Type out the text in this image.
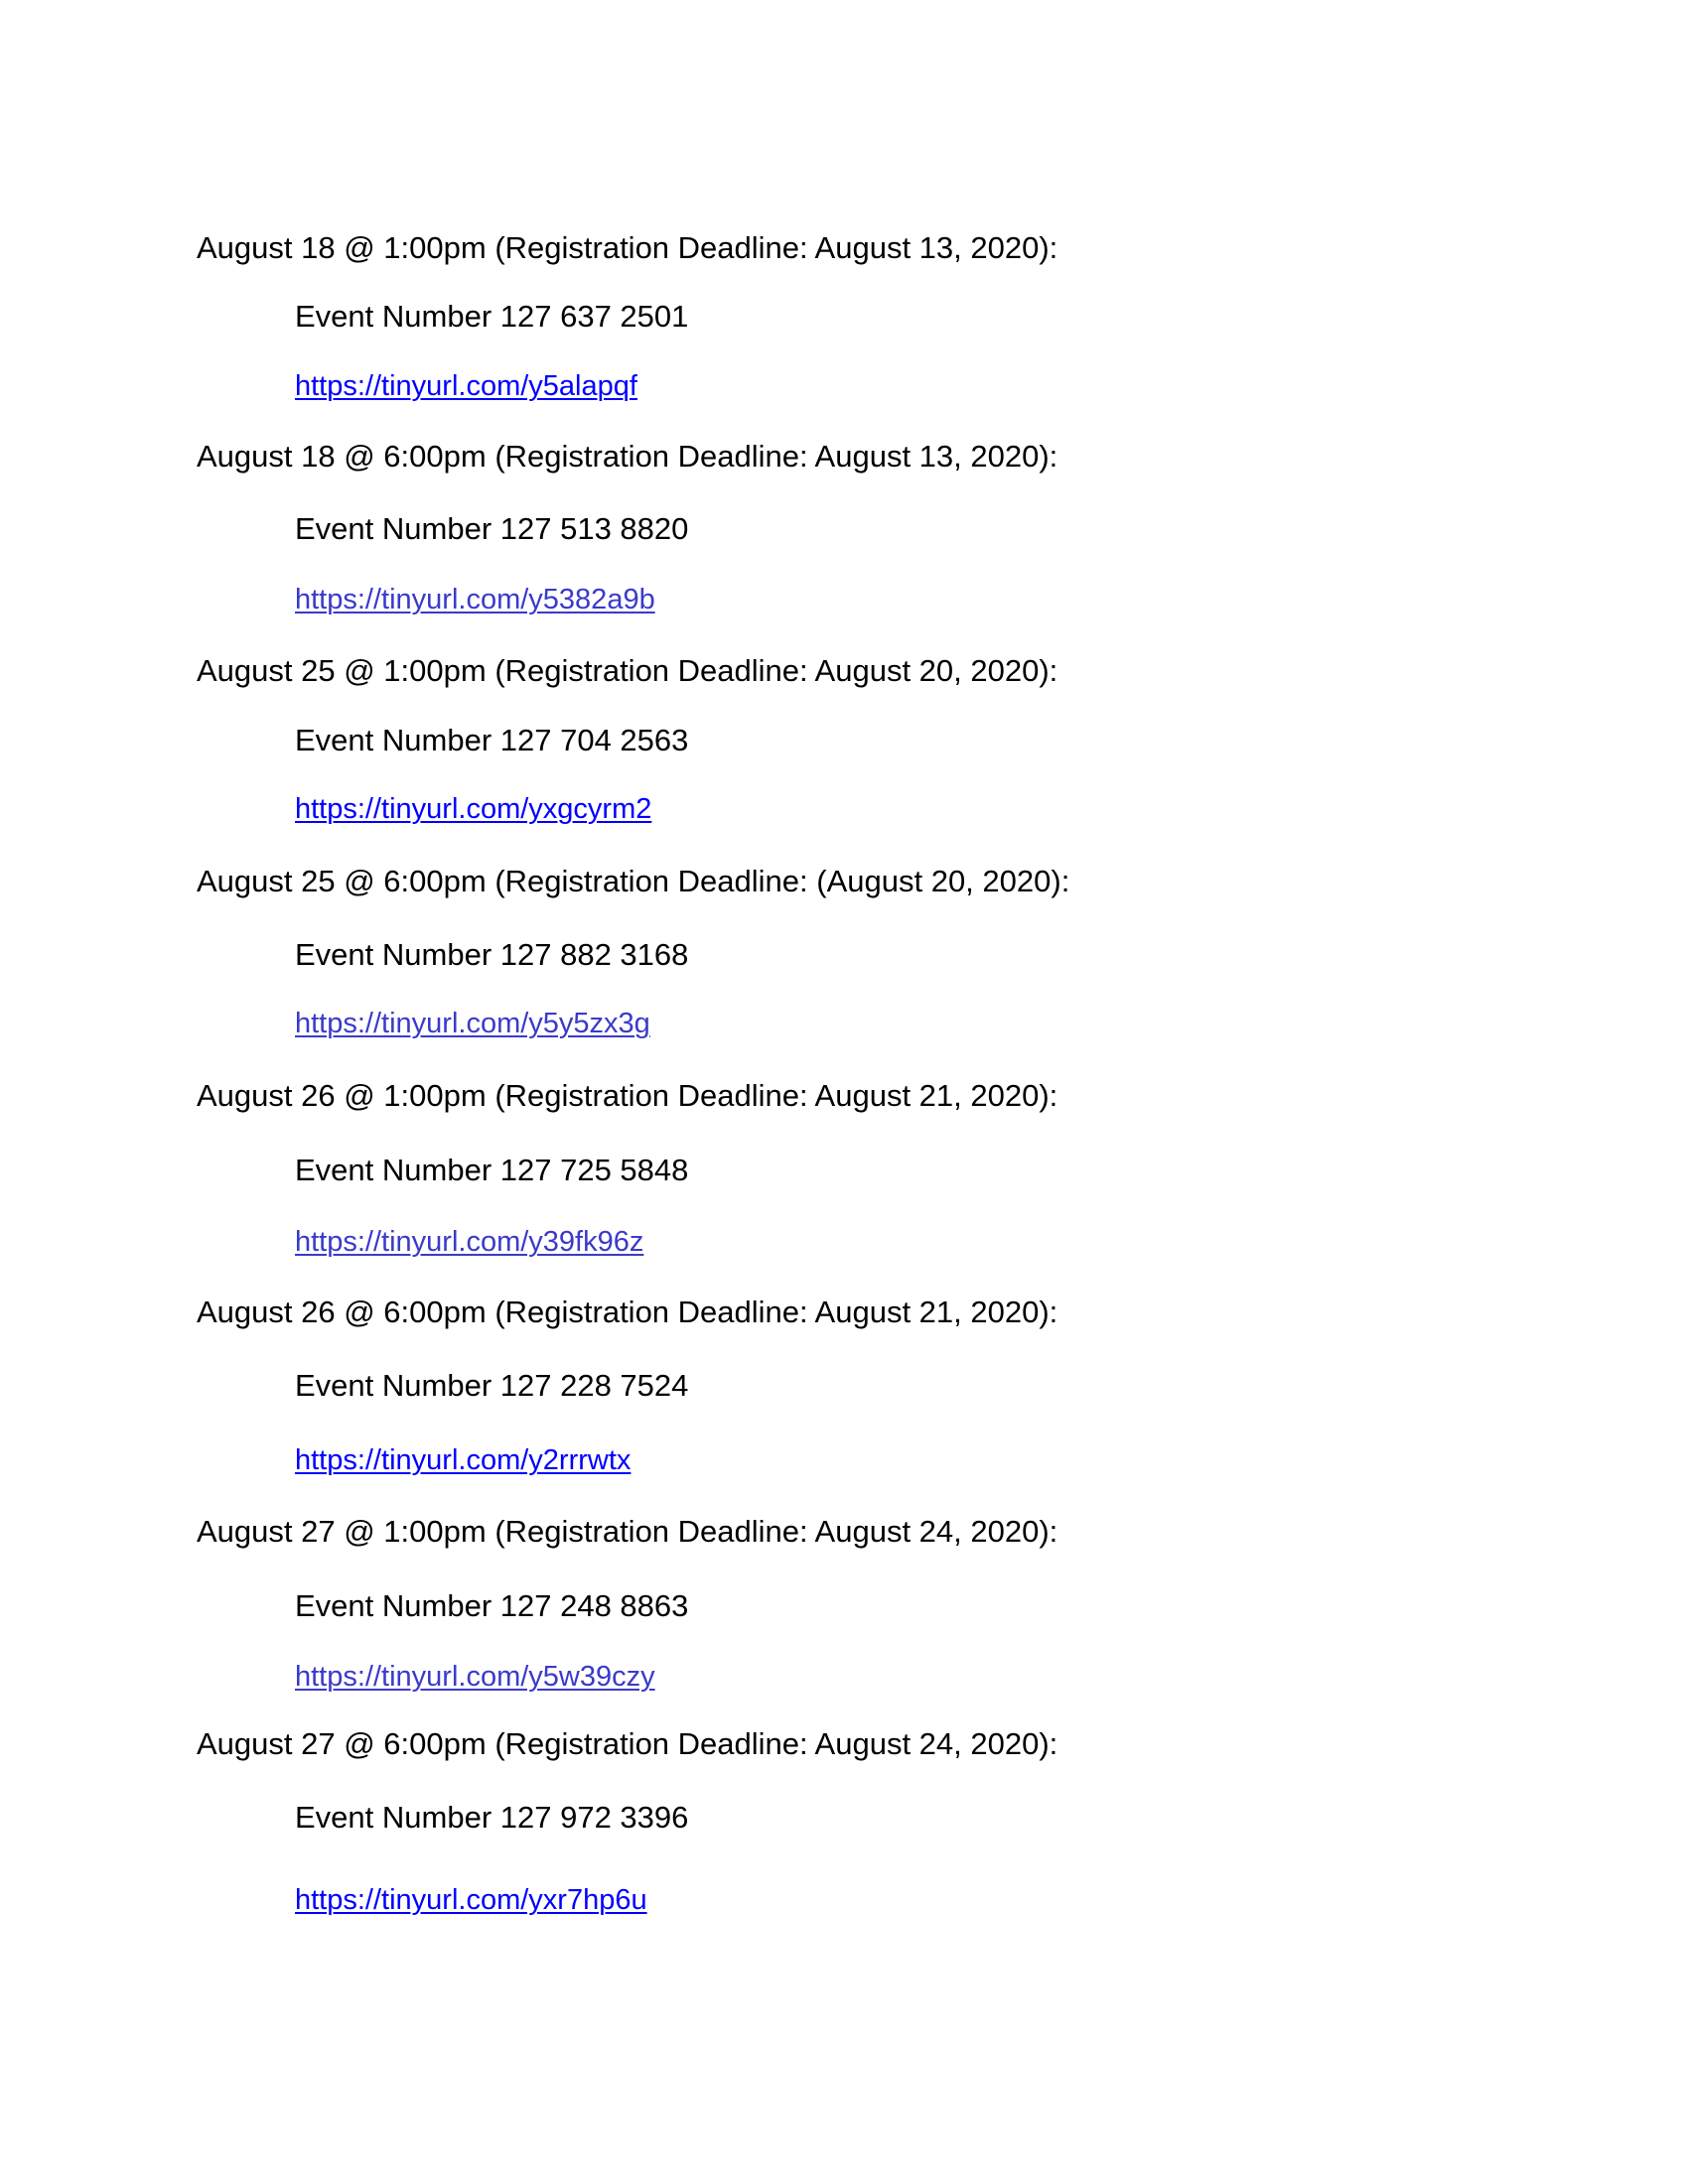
August 18 @ 1:00pm (Registration Deadline: August 13, 2020):
Event Number 127 637 2501
https://tinyurl.com/y5alapqf
August 18 @ 6:00pm (Registration Deadline: August 13, 2020):
Event Number 127 513 8820
https://tinyurl.com/y5382a9b
August 25 @ 1:00pm (Registration Deadline: August 20, 2020):
Event Number 127 704 2563
https://tinyurl.com/yxgcyrm2
August 25 @ 6:00pm (Registration Deadline: (August 20, 2020):
Event Number 127 882 3168
https://tinyurl.com/y5y5zx3g
August 26 @ 1:00pm (Registration Deadline: August 21, 2020):
Event Number 127 725 5848
https://tinyurl.com/y39fk96z
August 26 @ 6:00pm (Registration Deadline: August 21, 2020):
Event Number 127 228 7524
https://tinyurl.com/y2rrrwtx
August 27 @ 1:00pm (Registration Deadline: August 24, 2020):
Event Number 127 248 8863
https://tinyurl.com/y5w39czy
August 27 @ 6:00pm (Registration Deadline: August 24, 2020):
Event Number 127 972 3396
https://tinyurl.com/yxr7hp6u
